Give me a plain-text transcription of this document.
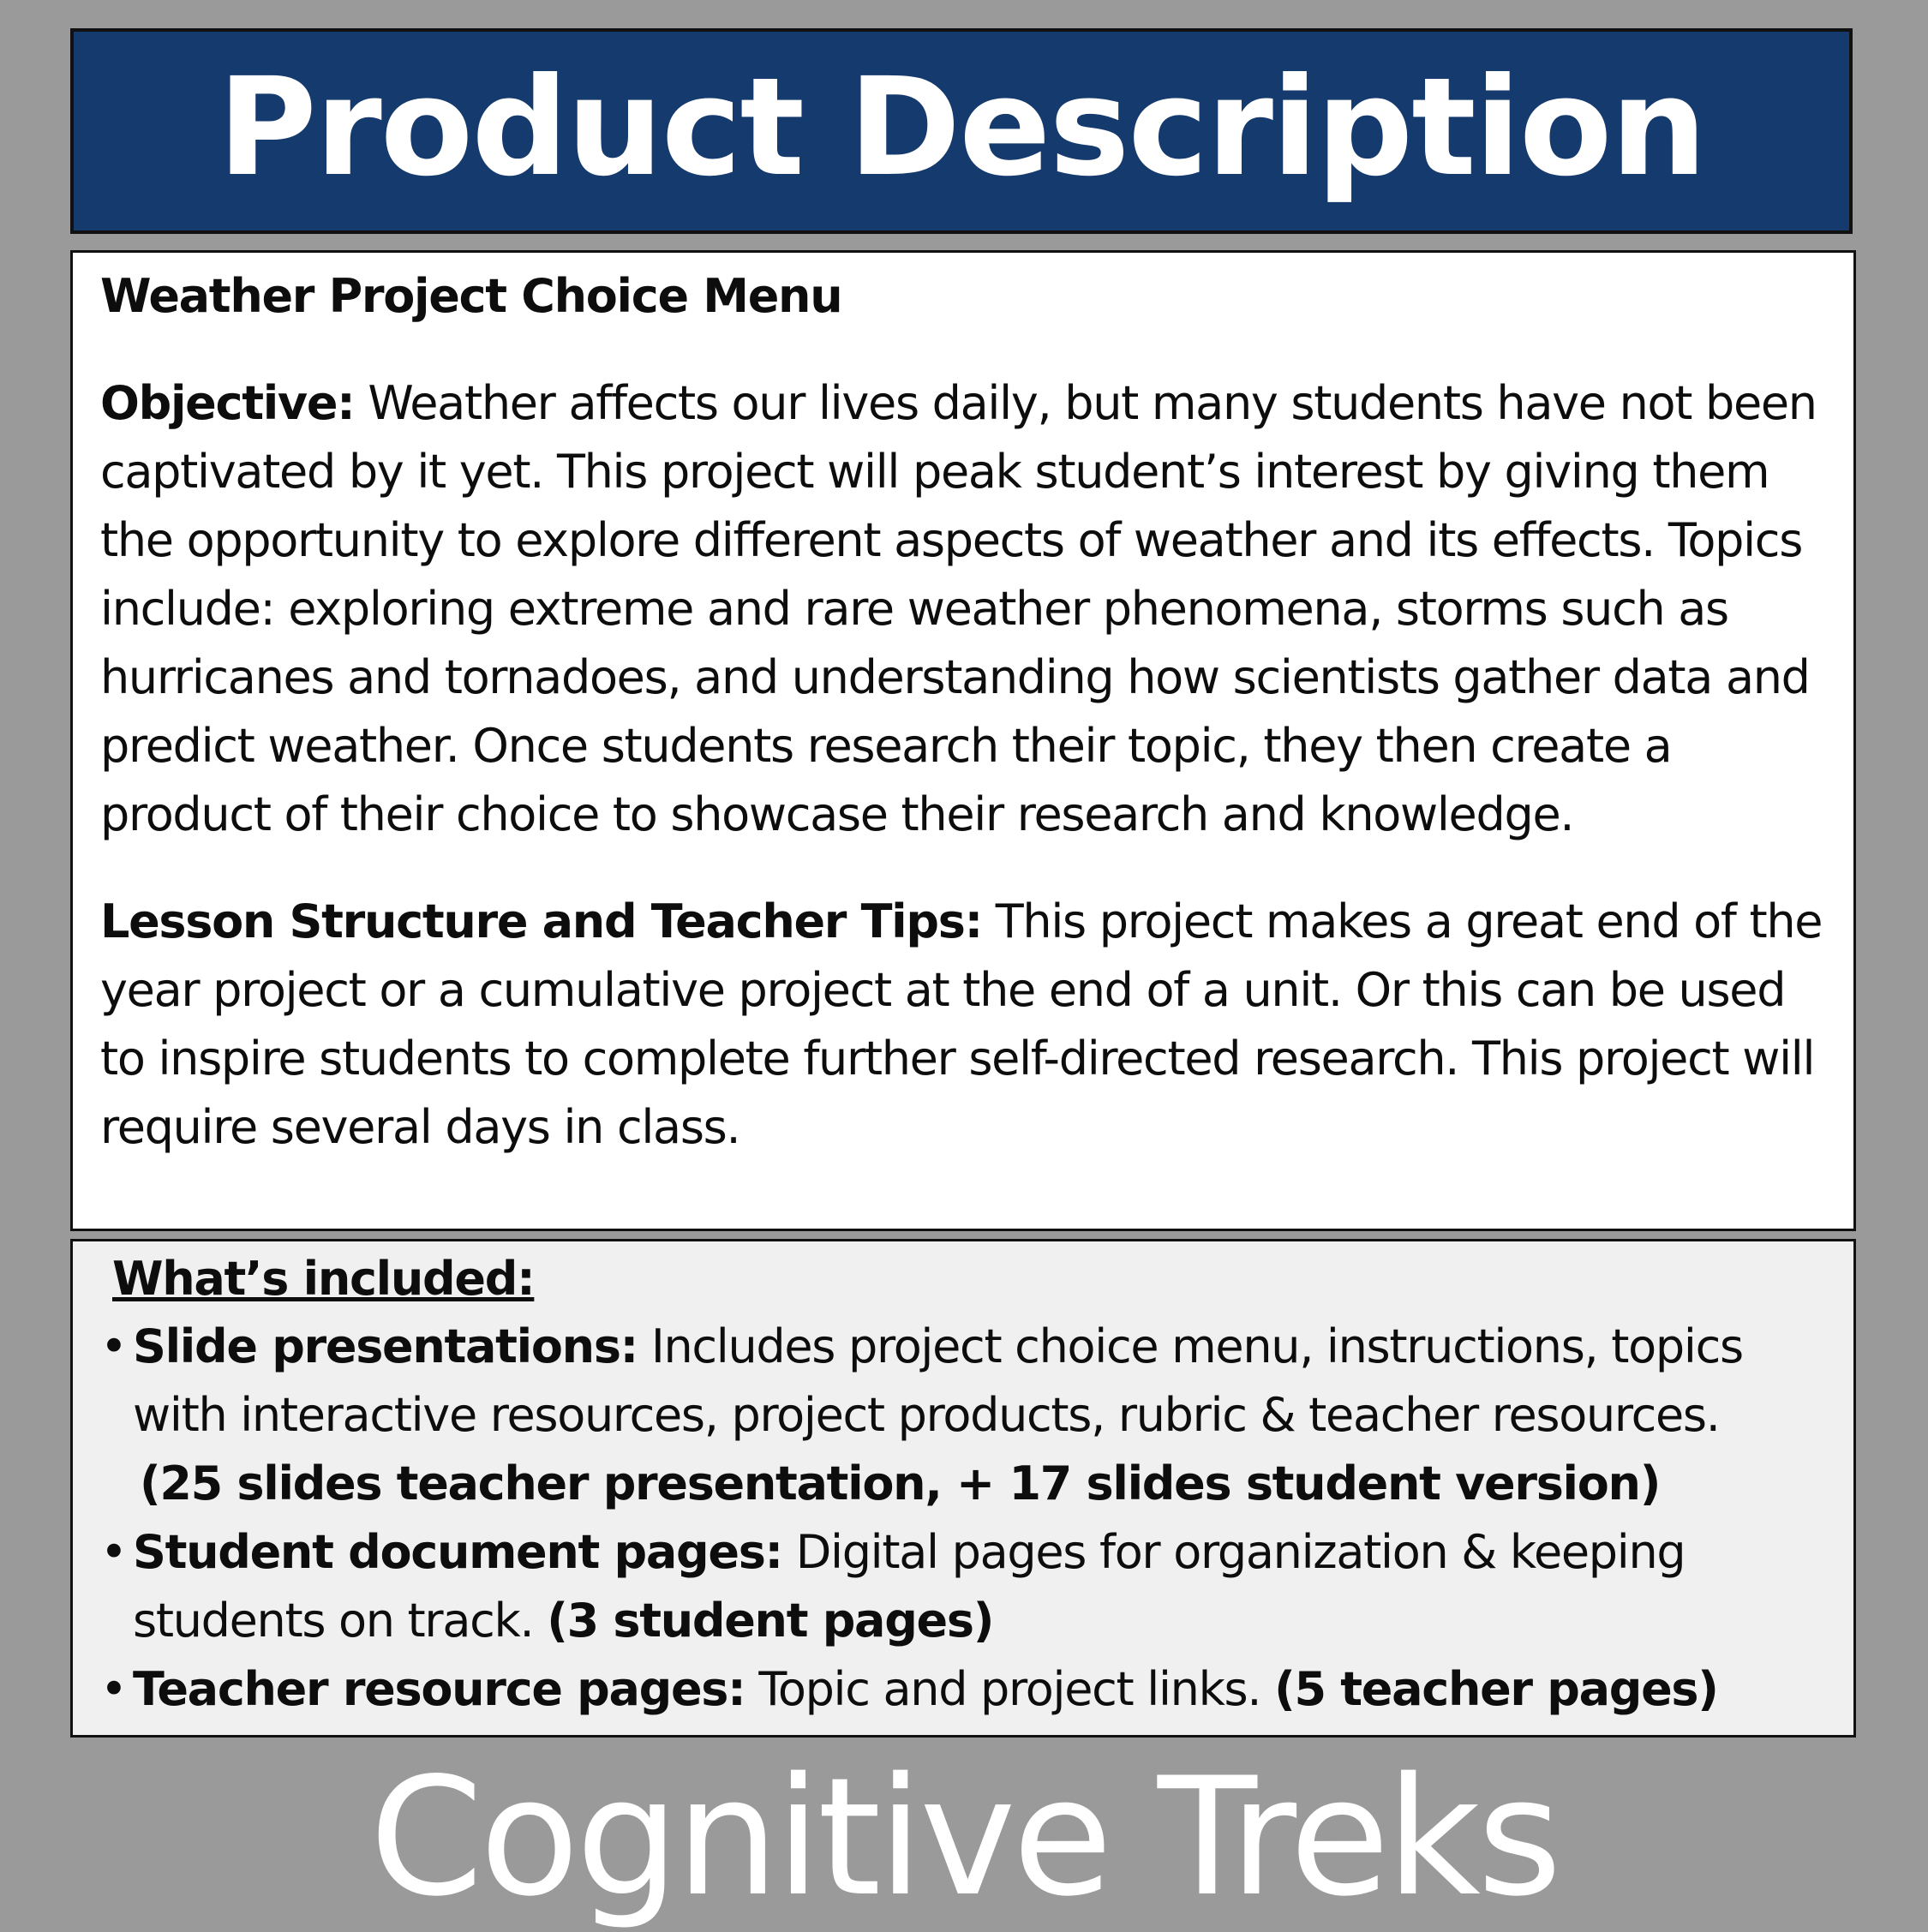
Product Description
Weather Project Choice Menu

Objective: Weather affects our lives daily, but many students have not been captivated by it yet. This project will peak student’s interest by giving them the opportunity to explore different aspects of weather and its effects. Topics include: exploring extreme and rare weather phenomena, storms such as hurricanes and tornadoes, and understanding how scientists gather data and predict weather. Once students research their topic, they then create a product of their choice to showcase their research and knowledge.

Lesson Structure and Teacher Tips: This project makes a great end of the year project or a cumulative project at the end of a unit. Or this can be used to inspire students to complete further self-directed research. This project will require several days in class.

What’s included:
• Slide presentations: Includes project choice menu, instructions, topics with interactive resources, project products, rubric & teacher resources.
(25 slides teacher presentation, + 17 slides student version)
• Student document pages: Digital pages for organization & keeping students on track. (3 student pages)
• Teacher resource pages: Topic and project links. (5 teacher pages)
Cognitive Treks
